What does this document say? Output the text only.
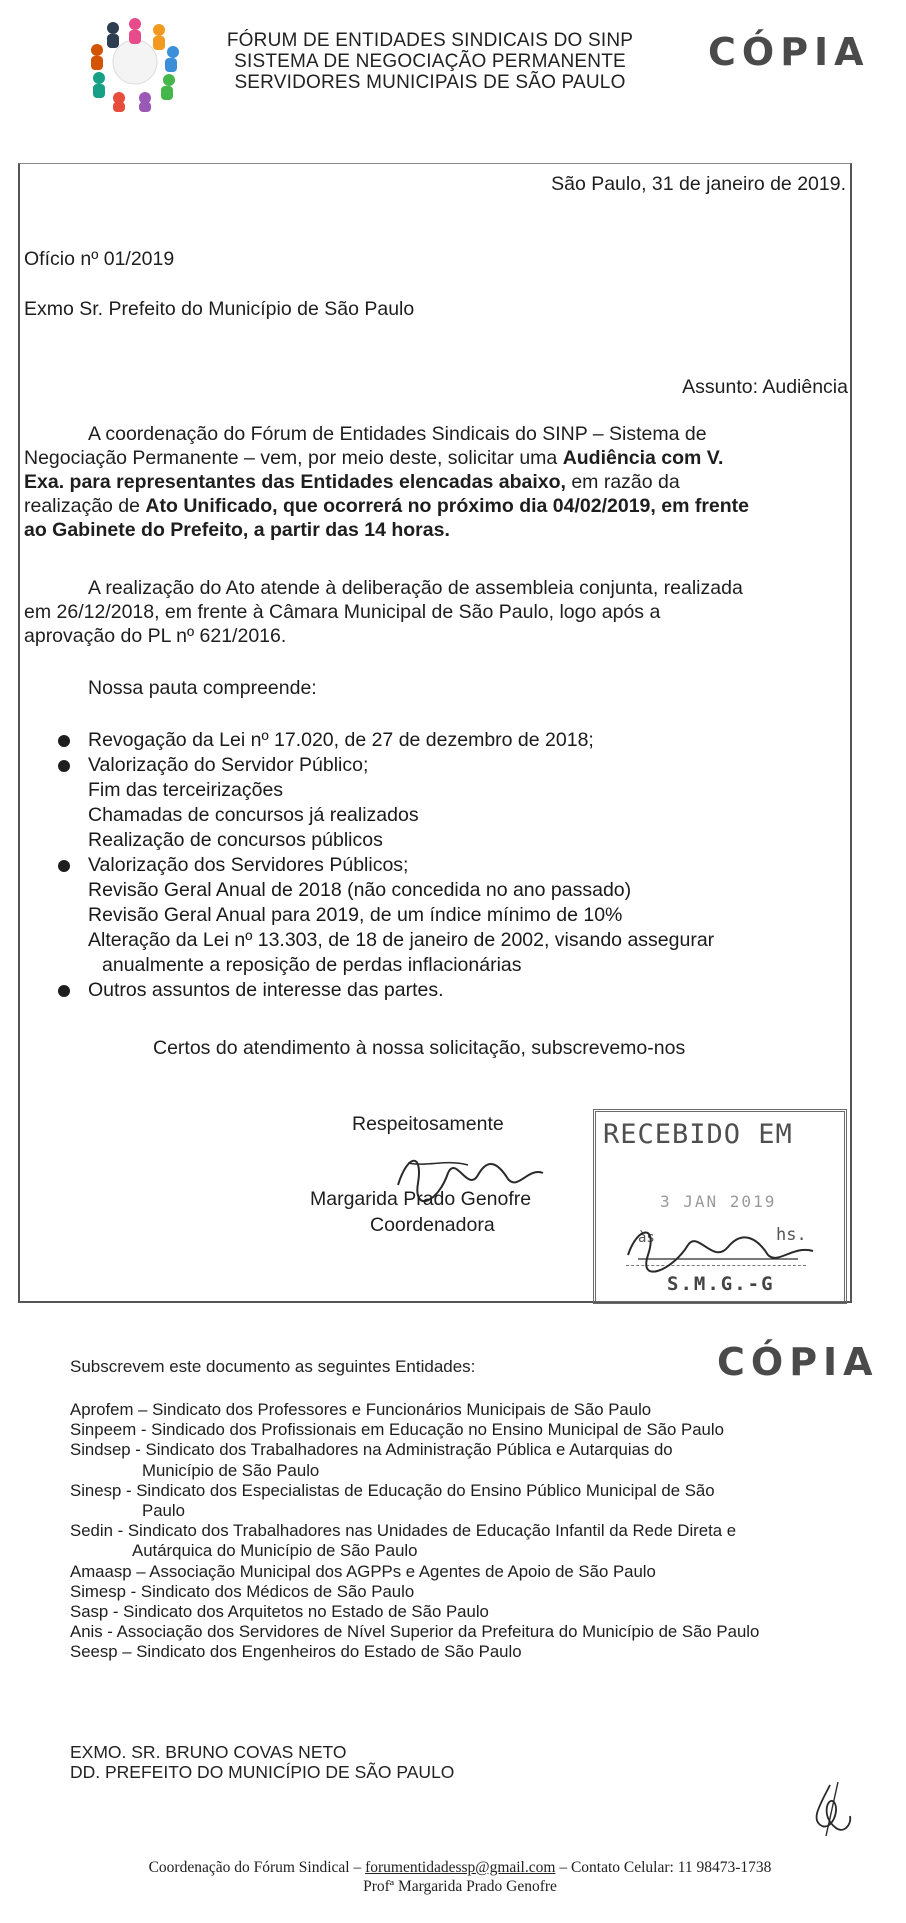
FÓRUM DE ENTIDADES SINDICAIS DO SINP
SISTEMA DE NEGOCIAÇÃO PERMANENTE
SERVIDORES MUNICIPAIS DE SÃO PAULO
CÓPIA
São Paulo, 31 de janeiro de 2019.
Ofício nº 01/2019
Exmo Sr. Prefeito do Município de São Paulo
Assunto: Audiência
A coordenação do Fórum de Entidades Sindicais do SINP – Sistema de
Negociação Permanente – vem, por meio deste, solicitar uma Audiência com V.
Exa. para representantes das Entidades elencadas abaixo, em razão da
realização de Ato Unificado, que ocorrerá no próximo dia 04/02/2019, em frente
ao Gabinete do Prefeito, a partir das 14 horas.
A realização do Ato atende à deliberação de assembleia conjunta, realizada
em 26/12/2018, em frente à Câmara Municipal de São Paulo, logo após a
aprovação do PL nº 621/2016.
Nossa pauta compreende:
Revogação da Lei nº 17.020, de 27 de dezembro de 2018;
Valorização do Servidor Público;
Fim das terceirizações
Chamadas de concursos já realizados
Realização de concursos públicos
Valorização dos Servidores Públicos;
Revisão Geral Anual de 2018 (não concedida no ano passado)
Revisão Geral Anual para 2019, de um índice mínimo de 10%
Alteração da Lei nº 13.303, de 18 de janeiro de 2002, visando assegurar
anualmente a reposição de perdas inflacionárias
Outros assuntos de interesse das partes.
Certos do atendimento à nossa solicitação, subscrevemo-nos
Respeitosamente
Margarida Prado Genofre
Coordenadora
RECEBIDO EM
3 JAN 2019
às	hs.
S.M.G.-G
CÓPIA
Subscrevem este documento as seguintes Entidades:
Aprofem – Sindicato dos Professores e Funcionários Municipais de São Paulo
Sinpeem - Sindicado dos Profissionais em Educação no Ensino Municipal de São Paulo
Sindsep - Sindicato dos Trabalhadores na Administração Pública e Autarquias do
Município de São Paulo
Sinesp - Sindicato dos Especialistas de Educação do Ensino Público Municipal de São
Paulo
Sedin - Sindicato dos Trabalhadores nas Unidades de Educação Infantil da Rede Direta e
Autárquica do Município de São Paulo
Amaasp – Associação Municipal dos AGPPs e Agentes de Apoio de São Paulo
Simesp - Sindicato dos Médicos de São Paulo
Sasp - Sindicato dos Arquitetos no Estado de São Paulo
Anis - Associação dos Servidores de Nível Superior da Prefeitura do Município de São Paulo
Seesp – Sindicato dos Engenheiros do Estado de São Paulo
EXMO. SR. BRUNO COVAS NETO
DD. PREFEITO DO MUNICÍPIO DE SÃO PAULO
Coordenação do Fórum Sindical – forumentidadessp@gmail.com – Contato Celular: 11 98473-1738
Profª Margarida Prado Genofre
